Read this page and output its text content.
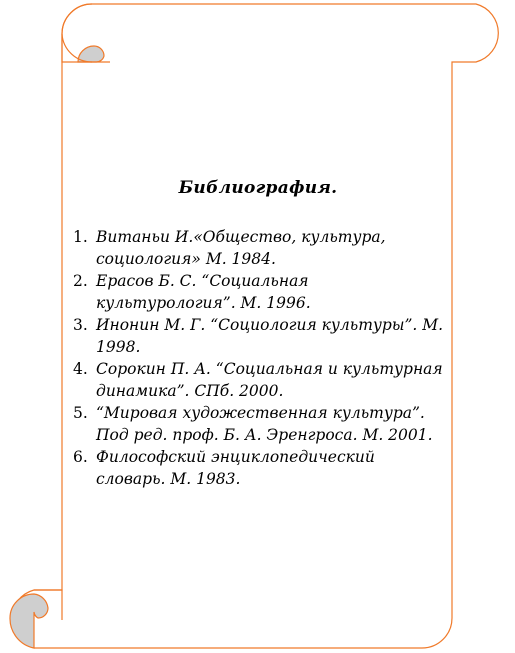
Библиография.
1. Витаньи И.«Общество, культура, социология» М. 1984.
2. Ерасов Б. С. “Социальная культурология”. М. 1996.
3. Инонин М. Г. “Социология культуры”. М. 1998.
4. Сорокин П. А. “Социальная и культурная динамика”. СПб. 2000.
5. “Мировая художественная культура”. Под ред. проф. Б. А. Эренгроса. М. 2001.
6. Философский энциклопедический словарь. М. 1983.
